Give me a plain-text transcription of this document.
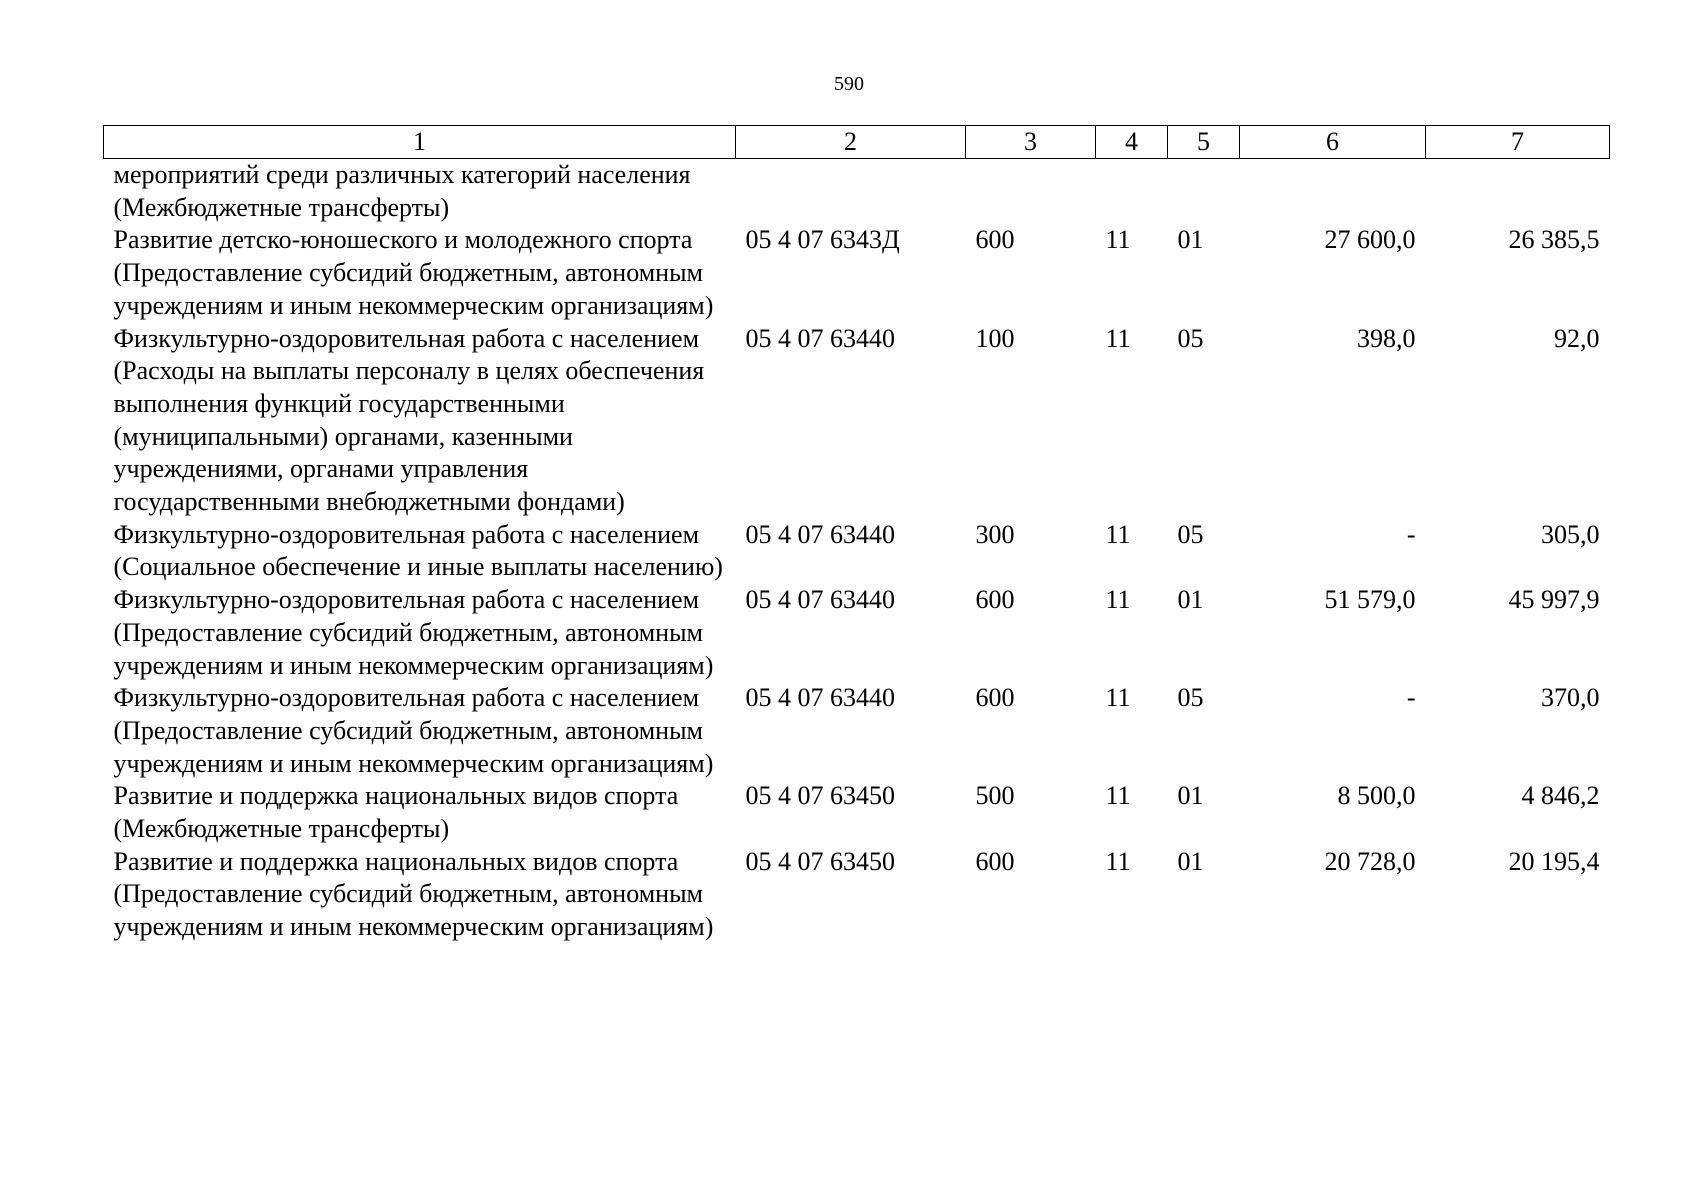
590
1	2	3	4	5	6	7
мероприятий среди различных категорий населения (Межбюджетные трансферты)						
Развитие детско-юношеского и молодежного спорта (Предоставление субсидий бюджетным, автономным учреждениям и иным некоммерческим организациям)	05 4 07 6343Д	600	11	01	27 600,0	26 385,5
Физкультурно-оздоровительная работа с населением (Расходы на выплаты персоналу в целях обеспечения выполнения функций государственными (муниципальными) органами, казенными учреждениями, органами управления государственными внебюджетными фондами)	05 4 07 63440	100	11	05	398,0	92,0
Физкультурно-оздоровительная работа с населением (Социальное обеспечение и иные выплаты населению)	05 4 07 63440	300	11	05	-	305,0
Физкультурно-оздоровительная работа с населением (Предоставление субсидий бюджетным, автономным учреждениям и иным некоммерческим организациям)	05 4 07 63440	600	11	01	51 579,0	45 997,9
Физкультурно-оздоровительная работа с населением (Предоставление субсидий бюджетным, автономным учреждениям и иным некоммерческим организациям)	05 4 07 63440	600	11	05	-	370,0
Развитие и поддержка национальных видов спорта (Межбюджетные трансферты)	05 4 07 63450	500	11	01	8 500,0	4 846,2
Развитие и поддержка национальных видов спорта (Предоставление субсидий бюджетным, автономным учреждениям и иным некоммерческим организациям)	05 4 07 63450	600	11	01	20 728,0	20 195,4
